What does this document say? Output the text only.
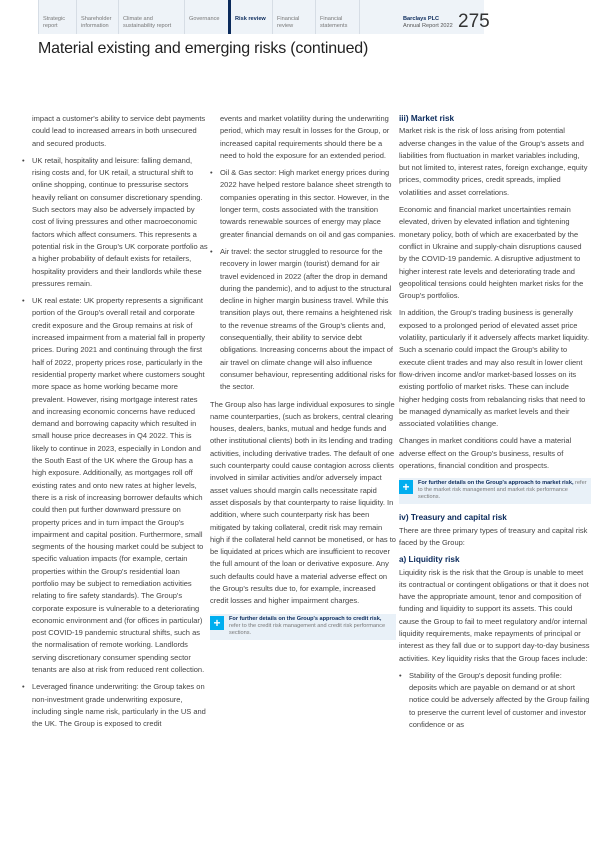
Strategic report
Shareholder information
Climate and sustainability report
Governance	Risk review	Financial review
Financial statements
Barclays PLC
Annual Report 2022 275
Material existing and emerging risks (continued)

impact a customer's ability to service debt payments could lead to increased arrears in both unsecured and secured products.

• UK retail, hospitality and leisure: falling demand, rising costs and, for UK retail, a structural shift to online shopping, continue to pressurise sectors heavily reliant on consumer discretionary spending. Such sectors may also be adversely impacted by cost of living pressures and other macroeconomic factors which affect consumers. This represents a potential risk in the Group's UK corporate portfolio as a higher probability of default exists for retailers, hospitality providers and their landlords while these pressures remain.
• UK real estate: UK property represents a significant portion of the Group's overall retail and corporate credit exposure and the Group remains at risk of increased impairment from a material fall in property prices. During 2021 and continuing through the first half of 2022, property prices rose, particularly in the residential property market where customers sought more space as home working became more prevalent. However, rising mortgage interest rates and increasing economic concerns have reduced demand and borrowing capacity which resulted in small house price decreases in Q4 2022. This is likely to continue in 2023, especially in London and the South East of the UK where the Group has a high exposure. Additionally, as mortgages roll off existing rates and onto new rates at higher levels, there is a risk of increasing borrower defaults which could then put further downward pressure on property prices and in turn impact the Group's impairment and capital position. Furthermore, small segments of the housing market could be subject to specific valuation impacts (for example, certain properties within the Group's residential loan portfolio may be subject to remediation activities relating to fire safety standards). The Group's corporate exposure is vulnerable to a deteriorating economic environment and (for offices in particular) post COVID-19 pandemic structural shifts, such as the normalisation of remote working. Landlords serving discretionary consumer spending sector tenants are also at risk from reduced rent collection.
• Leveraged finance underwriting: the Group takes on non-investment grade underwriting exposure, including single name risk, particularly in the US and the UK. The Group is exposed to credit

events and market volatility during the underwriting period, which may result in losses for the Group, or increased capital requirements should there be a need to hold the exposure for an extended period.

• Oil & Gas sector: High market energy prices during 2022 have helped restore balance sheet strength to companies operating in this sector. However, in the longer term, costs associated with the transition towards renewable sources of energy may place greater financial demands on oil and gas companies.
• Air travel: the sector struggled to resource for the recovery in lower margin (tourist) demand for air travel evidenced in 2022 (after the drop in demand during the pandemic), and to adjust to the structural decline in higher margin business travel. While this transition plays out, there remains a heightened risk to the revenue streams of the Group's clients and, consequentially, their ability to service debt obligations. Increasing concerns about the impact of air travel on climate change will also influence consumer behaviour, representing additional risks for the sector.

The Group also has large individual exposures to single name counterparties, (such as brokers, central clearing houses, dealers, banks, mutual and hedge funds and other institutional clients) both in its lending and trading activities, including derivative trades. The default of one such counterparty could cause contagion across clients involved in similar activities and/or adversely impact asset values should margin calls necessitate rapid asset disposals by that counterparty to raise liquidity. In addition, where such counterparty risk has been mitigated by taking collateral, credit risk may remain high if the collateral held cannot be monetised, or has to be liquidated at prices which are insufficient to recover the full amount of the loan or derivative exposure. Any such defaults could have a material adverse effect on the Group's results due to, for example, increased credit losses and higher impairment charges.

+	For further details on the Group's approach to credit risk, refer to the credit risk management and credit risk performance sections.
iii) Market risk

Market risk is the risk of loss arising from potential adverse changes in the value of the Group's assets and liabilities from fluctuation in market variables including, but not limited to, interest rates, foreign exchange, equity prices, commodity prices, credit spreads, implied volatilities and asset correlations.

Economic and financial market uncertainties remain elevated, driven by elevated inflation and tightening monetary policy, both of which are exacerbated by the conflict in Ukraine and supply-chain disruptions caused by the COVID-19 pandemic. A disruptive adjustment to higher interest rate levels and deteriorating trade and geopolitical tensions could heighten market risks for the Group's portfolios.

In addition, the Group's trading business is generally exposed to a prolonged period of elevated asset price volatility, particularly if it adversely affects market liquidity. Such a scenario could impact the Group's ability to execute client trades and may also result in lower client flow-driven income and/or market-based losses on its existing portfolio of market risks. These can include higher hedging costs from rebalancing risks that need to be managed dynamically as market levels and their associated volatilities change.

Changes in market conditions could have a material adverse effect on the Group's business, results of operations, financial condition and prospects.

+	For further details on the Group's approach to market risk, refer to the market risk management and market risk performance sections.
iv) Treasury and capital risk

There are three primary types of treasury and capital risk faced by the Group:

a) Liquidity risk

Liquidity risk is the risk that the Group is unable to meet its contractual or contingent obligations or that it does not have the appropriate amount, tenor and composition of funding and liquidity to support its assets. This could cause the Group to fail to meet regulatory and/or internal liquidity requirements, make repayments of principal or interest as they fall due or to support day-to-day business activities. Key liquidity risks that the Group faces include:

• Stability of the Group's deposit funding profile: deposits which are payable on demand or at short notice could be adversely affected by the Group failing to preserve the current level of customer and investor confidence or as
